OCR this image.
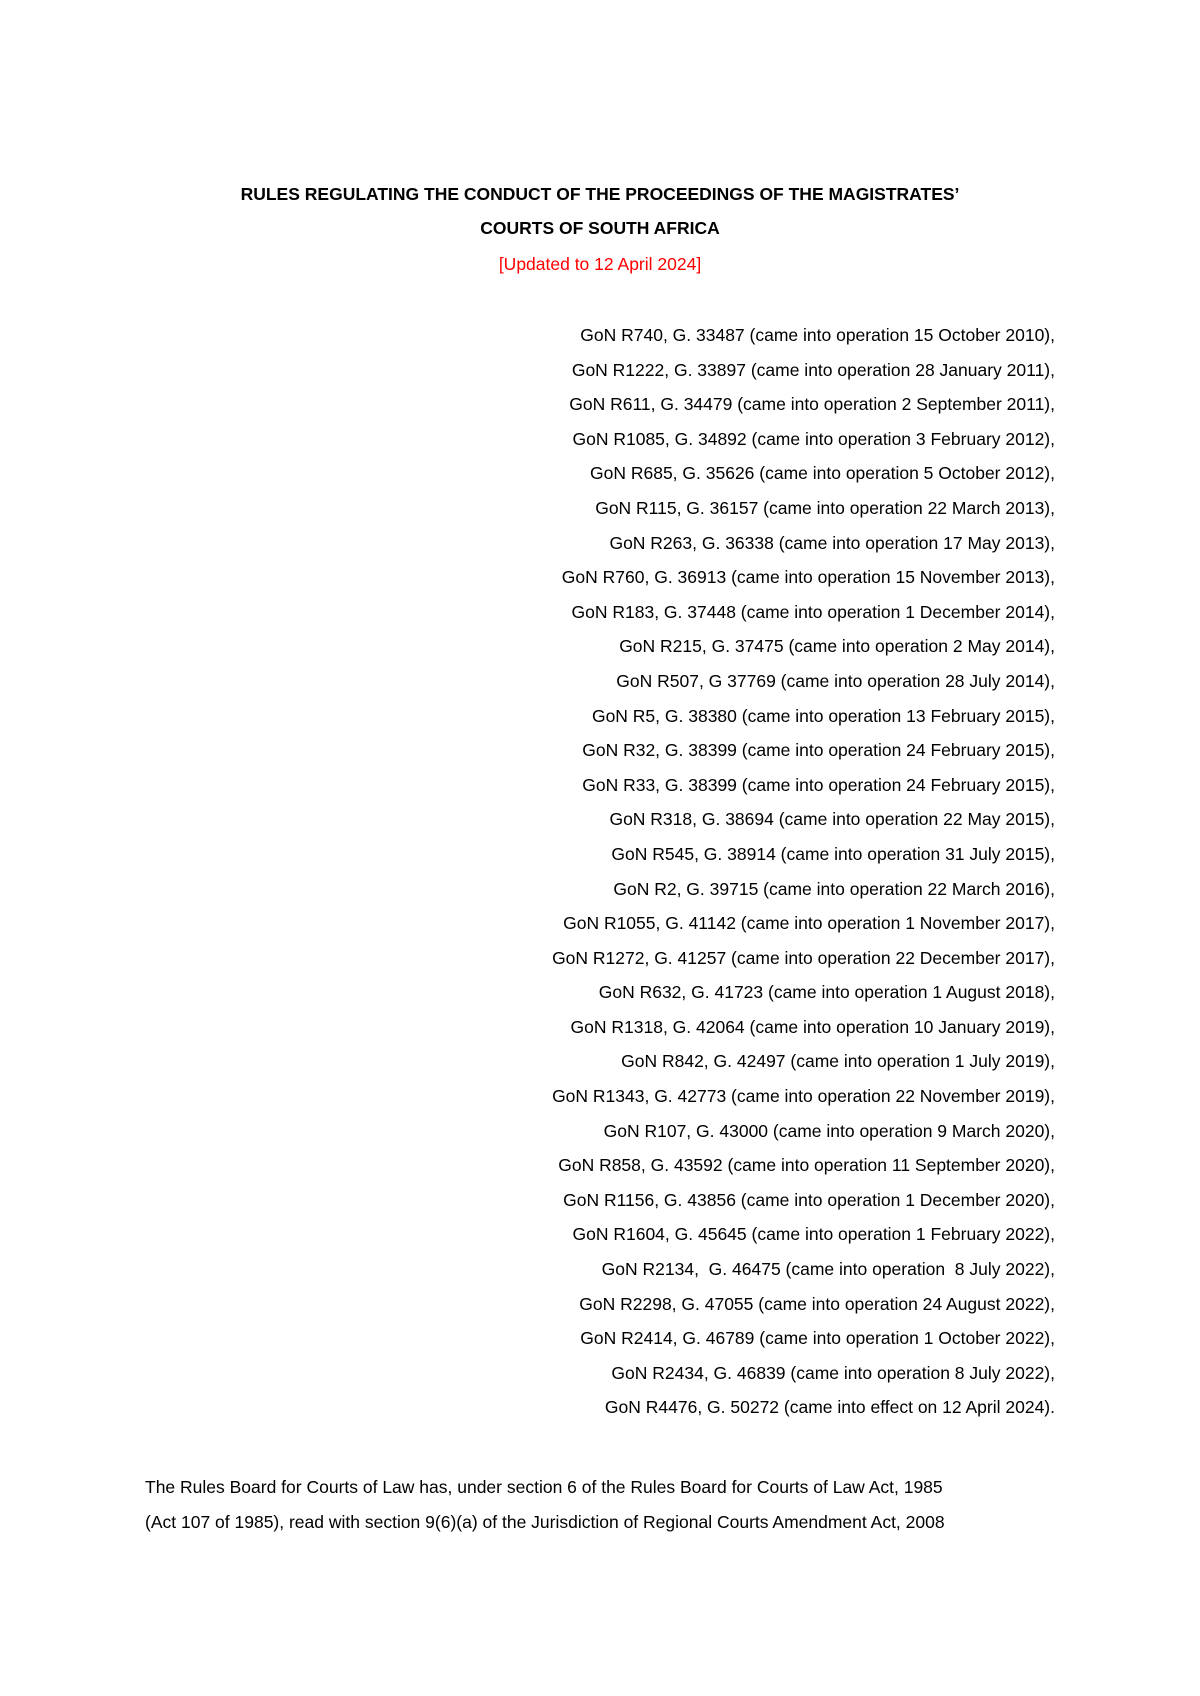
RULES REGULATING THE CONDUCT OF THE PROCEEDINGS OF THE MAGISTRATES’
COURTS OF SOUTH AFRICA
[Updated to 12 April 2024]
GoN R740, G. 33487 (came into operation 15 October 2010),
GoN R1222, G. 33897 (came into operation 28 January 2011),
GoN R611, G. 34479 (came into operation 2 September 2011),
GoN R1085, G. 34892 (came into operation 3 February 2012),
GoN R685, G. 35626 (came into operation 5 October 2012),
GoN R115, G. 36157 (came into operation 22 March 2013),
GoN R263, G. 36338 (came into operation 17 May 2013),
GoN R760, G. 36913 (came into operation 15 November 2013),
GoN R183, G. 37448 (came into operation 1 December 2014),
GoN R215, G. 37475 (came into operation 2 May 2014),
GoN R507, G 37769 (came into operation 28 July 2014),
GoN R5, G. 38380 (came into operation 13 February 2015),
GoN R32, G. 38399 (came into operation 24 February 2015),
GoN R33, G. 38399 (came into operation 24 February 2015),
GoN R318, G. 38694 (came into operation 22 May 2015),
GoN R545, G. 38914 (came into operation 31 July 2015),
GoN R2, G. 39715 (came into operation 22 March 2016),
GoN R1055, G. 41142 (came into operation 1 November 2017),
GoN R1272, G. 41257 (came into operation 22 December 2017),
GoN R632, G. 41723 (came into operation 1 August 2018),
GoN R1318, G. 42064 (came into operation 10 January 2019),
GoN R842, G. 42497 (came into operation 1 July 2019),
GoN R1343, G. 42773 (came into operation 22 November 2019),
GoN R107, G. 43000 (came into operation 9 March 2020),
GoN R858, G. 43592 (came into operation 11 September 2020),
GoN R1156, G. 43856 (came into operation 1 December 2020),
GoN R1604, G. 45645 (came into operation 1 February 2022),
GoN R2134,  G. 46475 (came into operation  8 July 2022),
GoN R2298, G. 47055 (came into operation 24 August 2022),
GoN R2414, G. 46789 (came into operation 1 October 2022),
GoN R2434, G. 46839 (came into operation 8 July 2022),
GoN R4476, G. 50272 (came into effect on 12 April 2024).
The Rules Board for Courts of Law has, under section 6 of the Rules Board for Courts of Law Act, 1985
(Act 107 of 1985), read with section 9(6)(a) of the Jurisdiction of Regional Courts Amendment Act, 2008
